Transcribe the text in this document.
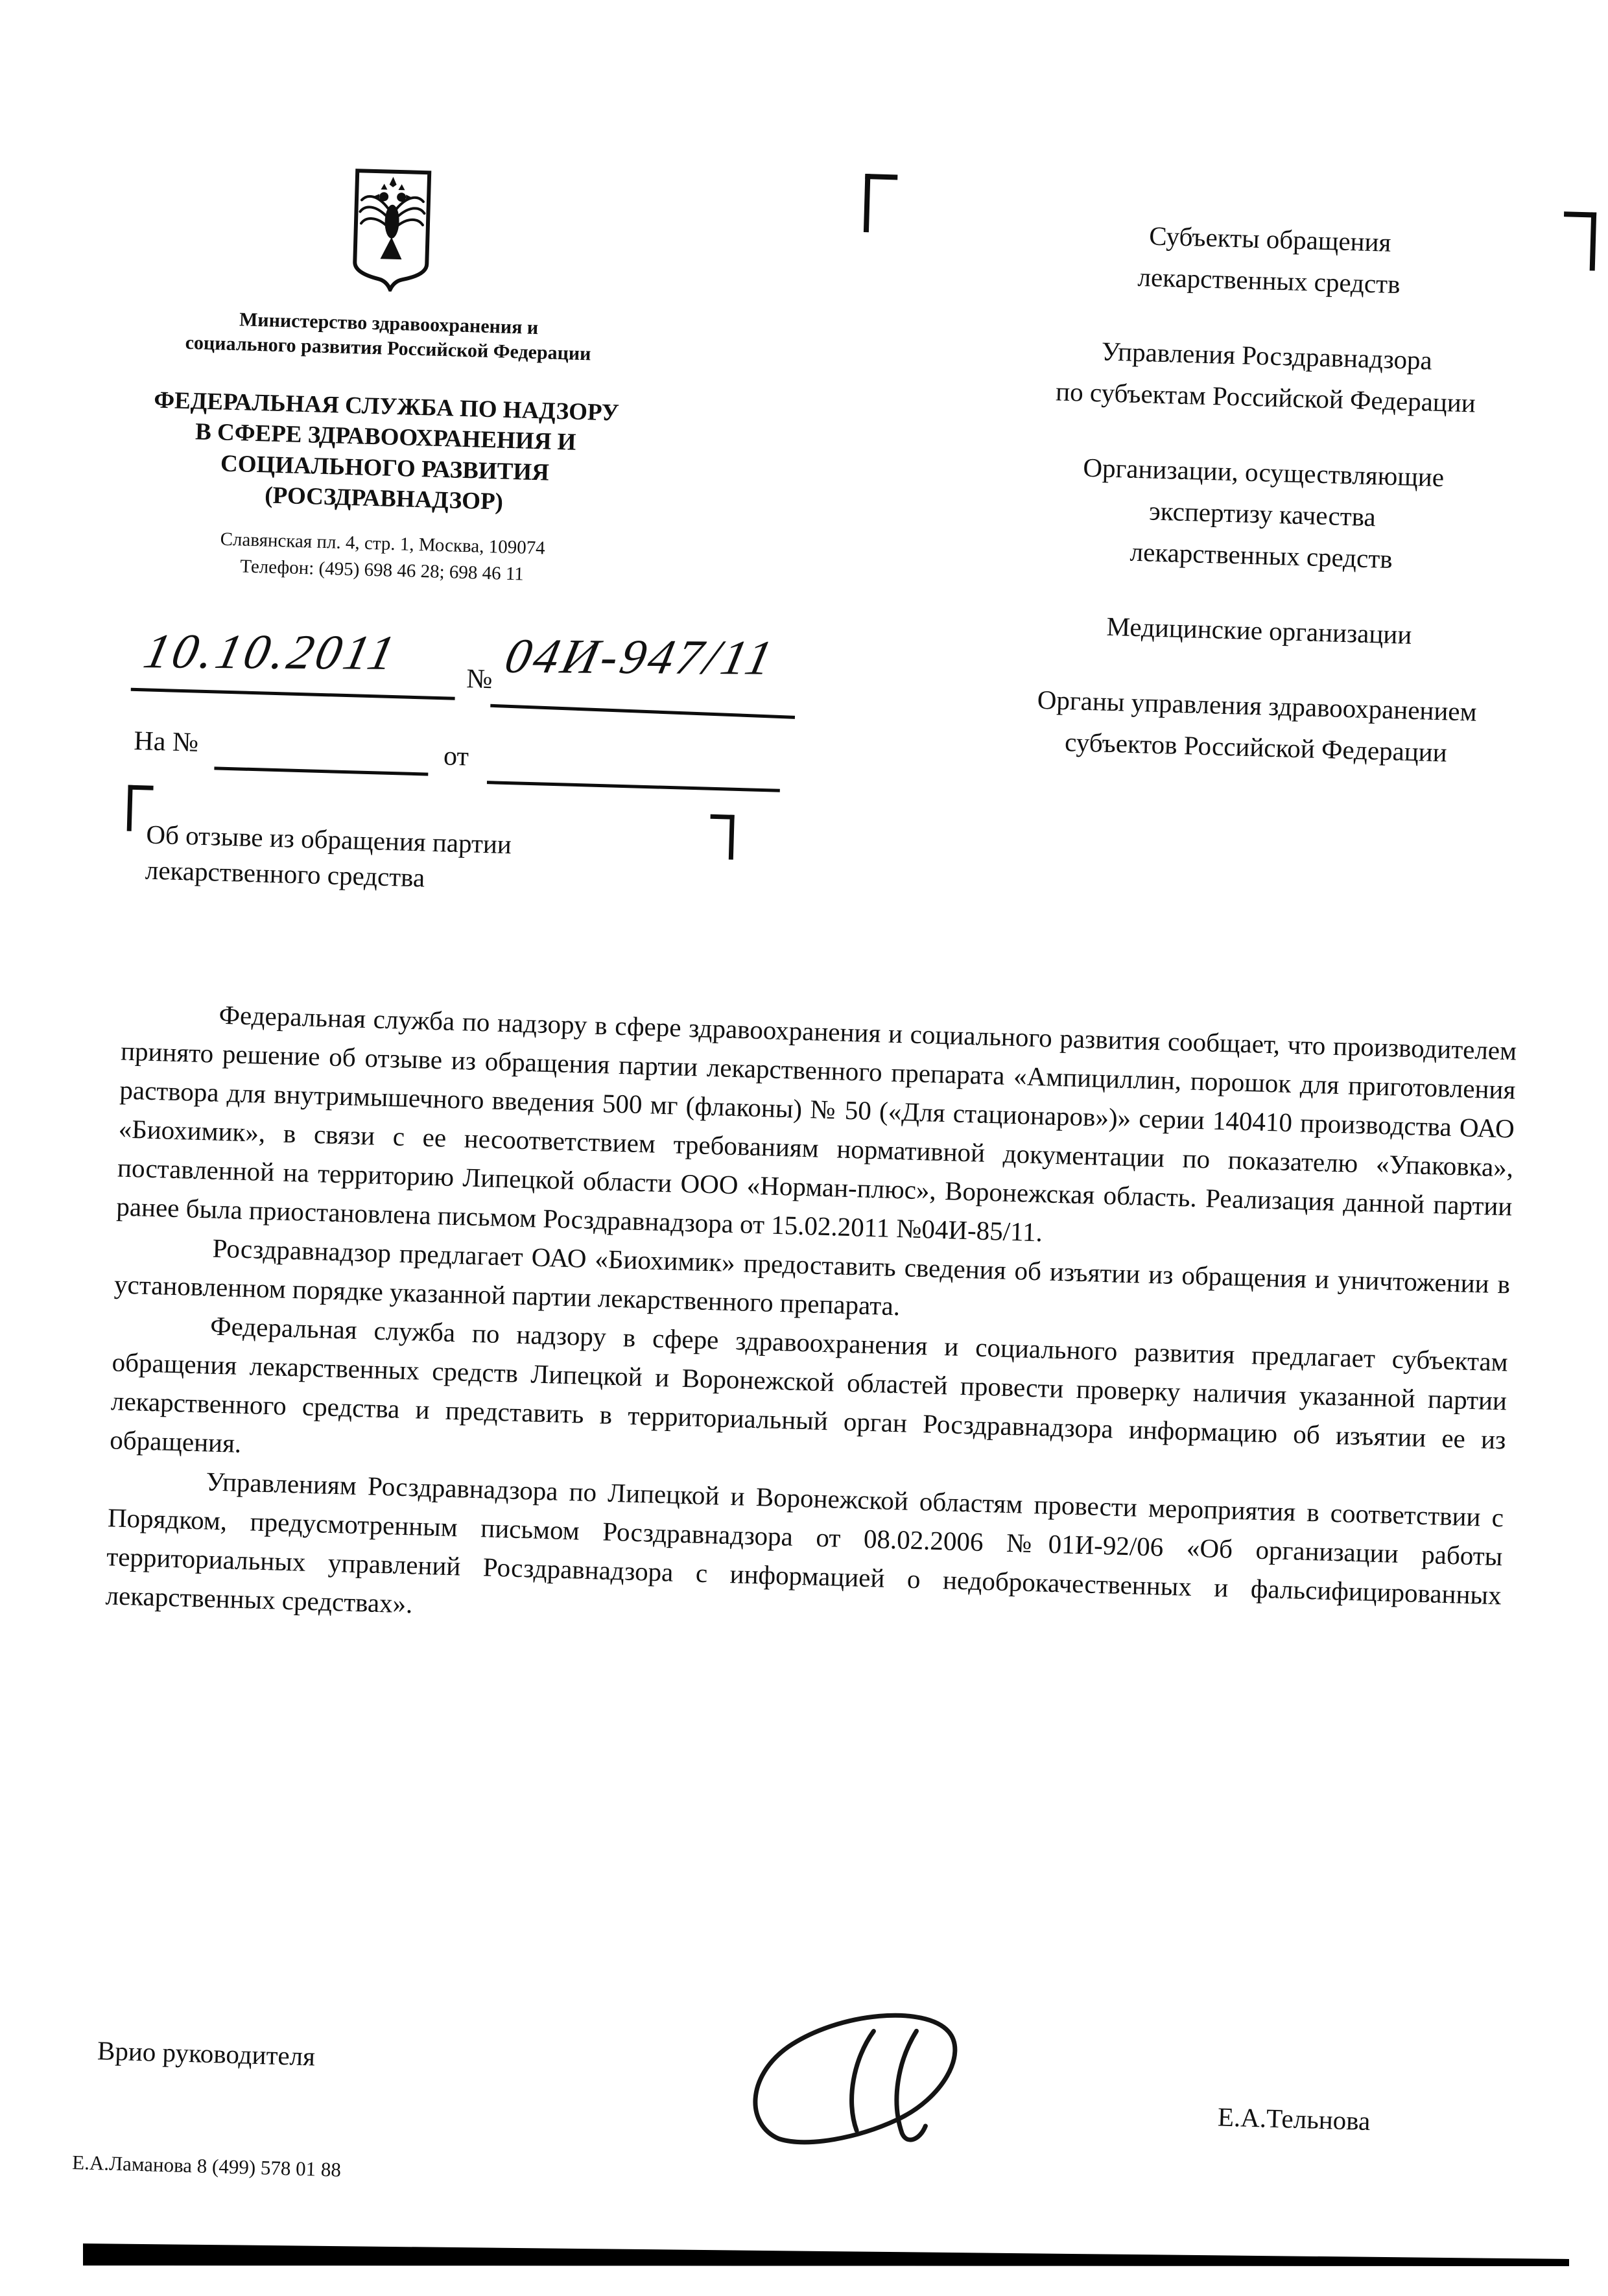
Министерство здравоохранения и
социального развития Российской Федерации
ФЕДЕРАЛЬНАЯ СЛУЖБА ПО НАДЗОРУ
В СФЕРЕ ЗДРАВООХРАНЕНИЯ И
СОЦИАЛЬНОГО РАЗВИТИЯ
(РОСЗДРАВНАДЗОР)
Славянская пл. 4, стр. 1, Москва, 109074
Телефон: (495) 698 46 28; 698 46 11
10.10.2011 № 04И-947/11
На №	от
Об отзыве из обращения партии
лекарственного средства
Субъекты обращения
лекарственных средств
Управления Росздравнадзора
по субъектам Российской Федерации
Организации, осуществляющие
экспертизу качества
лекарственных средств
Медицинские организации
Органы управления здравоохранением
субъектов Российской Федерации

Федеральная служба по надзору в сфере здравоохранения и социального развития сообщает, что производителем принято решение об отзыве из обращения партии лекарственного препарата «Ампициллин, порошок для приготовления раствора для внутримышечного введения 500 мг (флаконы) № 50 («Для стационаров»)» серии 140410 производства ОАО «Биохимик», в связи с ее несоответствием требованиям нормативной документации по показателю «Упаковка», поставленной на территорию Липецкой области ООО «Норман-плюс», Воронежская область. Реализация данной партии ранее была приостановлена письмом Росздравнадзора от 15.02.2011 №04И-85/11.

Росздравнадзор предлагает ОАО «Биохимик» предоставить сведения об изъятии из обращения и уничтожении в установленном порядке указанной партии лекарственного препарата.

Федеральная служба по надзору в сфере здравоохранения и социального развития предлагает субъектам обращения лекарственных средств Липецкой и Воронежской областей провести проверку наличия указанной партии лекарственного средства и представить в территориальный орган Росздравнадзора информацию об изъятии ее из обращения.

Управлениям Росздравнадзора по Липецкой и Воронежской областям провести мероприятия в соответствии с Порядком, предусмотренным письмом Росздравнадзора от 08.02.2006 №01И-92/06 «Об организации работы территориальных управлений Росздравнадзора с информацией о недоброкачественных и фальсифицированных лекарственных средствах».

Врио руководителя
Е.А.Тельнова
Е.А.Ламанова 8 (499) 578 01 88
